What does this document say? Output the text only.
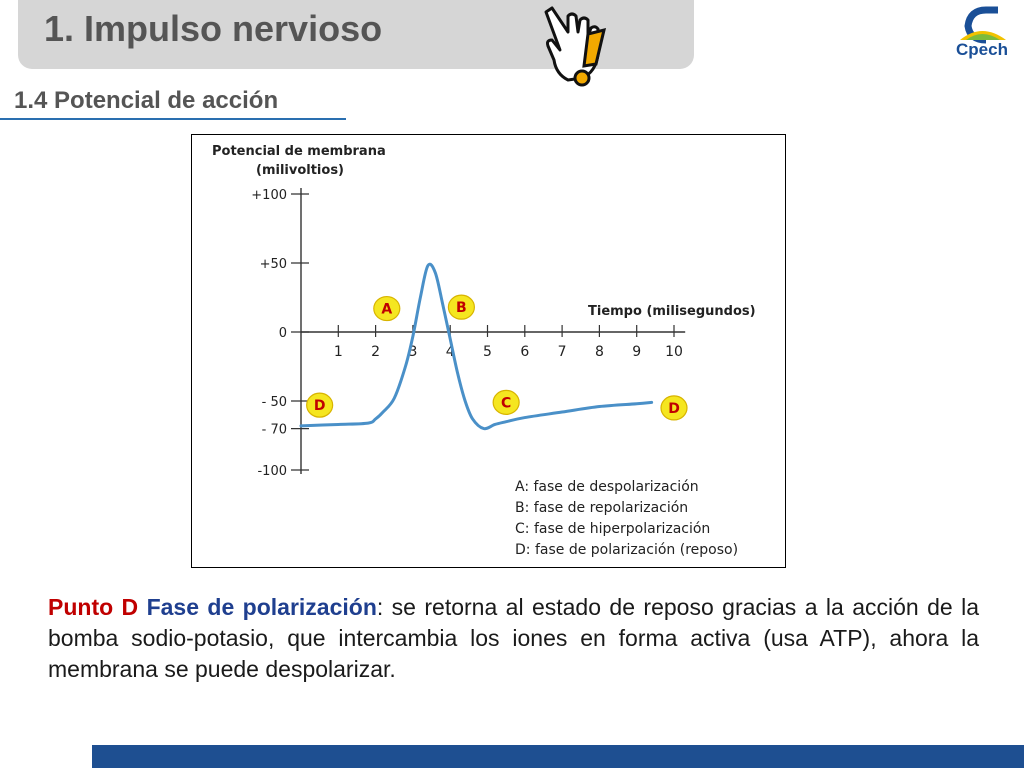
1. Impulso nervioso
Cpech
1.4 Potencial de acción
Potencial de membrana
(milivoltios)
Tiempo (milisegundos)
+100
+50
0
- 50
- 70
-100
1 2 3 4 5 6 7 8 9 10
A	B
C
D	D
A: fase de despolarización
B: fase de repolarización
C: fase de hiperpolarización
D: fase de polarización (reposo)
Punto D Fase de polarización: se retorna al estado de reposo gracias a la acción de la bomba sodio-potasio, que intercambia los iones en forma activa (usa ATP), ahora la membrana se puede despolarizar.
